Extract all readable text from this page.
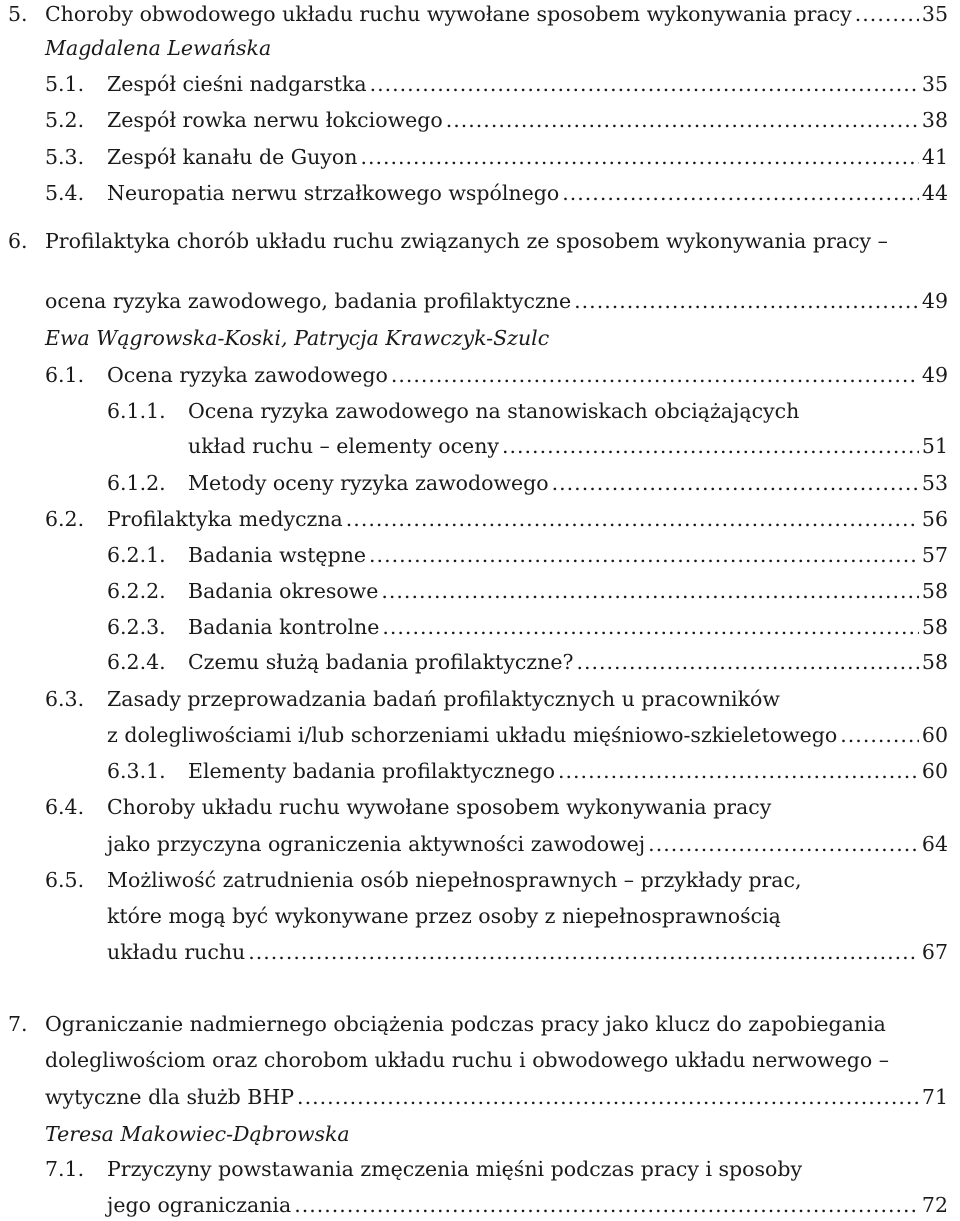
5. Choroby obwodowego układu ruchu wywołane sposobem wykonywania pracy .....	35
Magdalena Lewańska
5.1.	Zespół cieśni nadgarstka .....	35
5.2.	Zespół rowka nerwu łokciowego .....	38
5.3.	Zespół kanału de Guyon .....	41
5.4.	Neuropatia nerwu strzałkowego wspólnego .....	44
6. Profilaktyka chorób układu ruchu związanych ze sposobem wykonywania pracy –
ocena ryzyka zawodowego, badania profilaktyczne .....	49
Ewa Wągrowska-Koski, Patrycja Krawczyk-Szulc
6.1.	Ocena ryzyka zawodowego .....	49
6.1.1.	Ocena ryzyka zawodowego na stanowiskach obciążających
układ ruchu – elementy oceny .....	51
6.1.2.	Metody oceny ryzyka zawodowego .....	53
6.2.	Profilaktyka medyczna .....	56
6.2.1.	Badania wstępne .....	57
6.2.2.	Badania okresowe .....	58
6.2.3.	Badania kontrolne .....	58
6.2.4.	Czemu służą badania profilaktyczne? .....	58
6.3.	Zasady przeprowadzania badań profilaktycznych u pracowników
z dolegliwościami i/lub schorzeniami układu mięśniowo-szkieletowego .....	60
6.3.1.	Elementy badania profilaktycznego .....	60
6.4.	Choroby układu ruchu wywołane sposobem wykonywania pracy
jako przyczyna ograniczenia aktywności zawodowej .....	64
6.5.	Możliwość zatrudnienia osób niepełnosprawnych – przykłady prac,
które mogą być wykonywane przez osoby z niepełnosprawnością
układu ruchu .....	67
7. Ograniczanie nadmiernego obciążenia podczas pracy jako klucz do zapobiegania
dolegliwościom oraz chorobom układu ruchu i obwodowego układu nerwowego –
wytyczne dla służb BHP .....	71
Teresa Makowiec-Dąbrowska
7.1.	Przyczyny powstawania zmęczenia mięśni podczas pracy i sposoby
jego ograniczania .....	72
